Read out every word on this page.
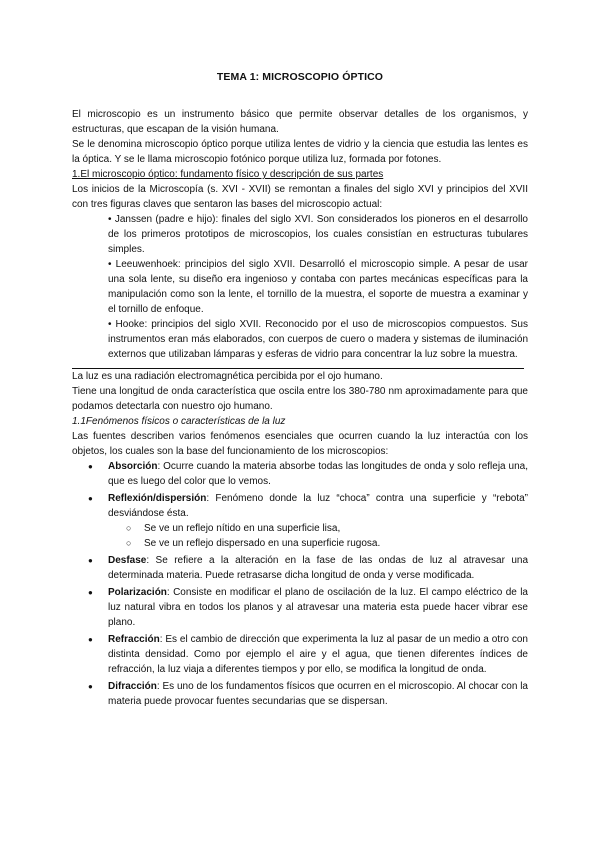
TEMA 1: MICROSCOPIO ÓPTICO

El microscopio es un instrumento básico que permite observar detalles de los organismos, y estructuras, que escapan de la visión humana.

Se le denomina microscopio óptico porque utiliza lentes de vidrio y la ciencia que estudia las lentes es la óptica. Y se le llama microscopio fotónico porque utiliza luz, formada por fotones.

1.El microscopio óptico: fundamento físico y descripción de sus partes

Los inicios de la Microscopía (s. XVI - XVII) se remontan a finales del siglo XVI y principios del XVII con tres figuras claves que sentaron las bases del microscopio actual:

• Janssen (padre e hijo): finales del siglo XVI. Son considerados los pioneros en el desarrollo de los primeros prototipos de microscopios, los cuales consistían en estructuras tubulares simples.

• Leeuwenhoek: principios del siglo XVII. Desarrolló el microscopio simple. A pesar de usar una sola lente, su diseño era ingenioso y contaba con partes mecánicas específicas para la manipulación como son la lente, el tornillo de la muestra, el soporte de muestra a examinar y el tornillo de enfoque.

• Hooke: principios del siglo XVII. Reconocido por el uso de microscopios compuestos. Sus instrumentos eran más elaborados, con cuerpos de cuero o madera y sistemas de iluminación externos que utilizaban lámparas y esferas de vidrio para concentrar la luz sobre la muestra.

La luz es una radiación electromagnética percibida por el ojo humano.

Tiene una longitud de onda característica que oscila entre los 380-780 nm aproximadamente para que podamos detectarla con nuestro ojo humano.

1.1Fenómenos físicos o características de la luz

Las fuentes describen varios fenómenos esenciales que ocurren cuando la luz interactúa con los objetos, los cuales son la base del funcionamiento de los microscopios:

● Absorción: Ocurre cuando la materia absorbe todas las longitudes de onda y solo refleja una, que es luego del color que lo vemos.
● Reflexión/dispersión: Fenómeno donde la luz “choca” contra una superficie y “rebota” desviándose ésta.
○ Se ve un reflejo nítido en una superficie lisa,
○ Se ve un reflejo dispersado en una superficie rugosa.
● Desfase: Se refiere a la alteración en la fase de las ondas de luz al atravesar una determinada materia. Puede retrasarse dicha longitud de onda y verse modificada.
● Polarización: Consiste en modificar el plano de oscilación de la luz. El campo eléctrico de la luz natural vibra en todos los planos y al atravesar una materia esta puede hacer vibrar ese plano.
● Refracción: Es el cambio de dirección que experimenta la luz al pasar de un medio a otro con distinta densidad. Como por ejemplo el aire y el agua, que tienen diferentes índices de refracción, la luz viaja a diferentes tiempos y por ello, se modifica la longitud de onda.
● Difracción: Es uno de los fundamentos físicos que ocurren en el microscopio. Al chocar con la materia puede provocar fuentes secundarias que se dispersan.
